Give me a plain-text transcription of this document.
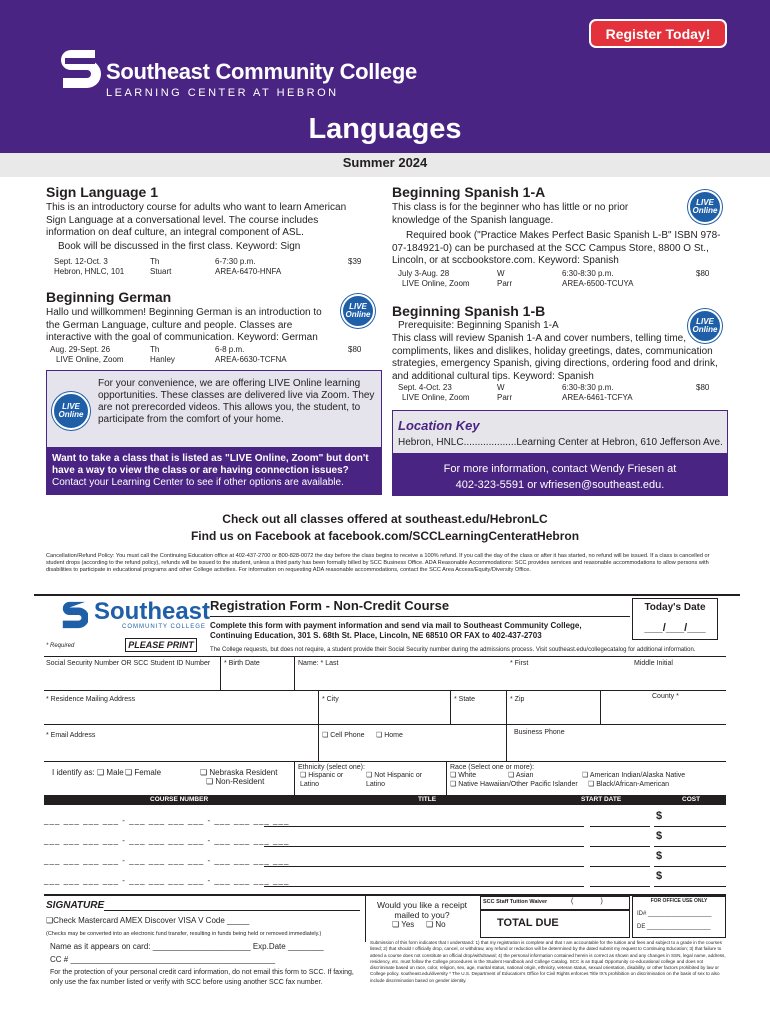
Register Today!
Southeast Community College
LEARNING CENTER AT HEBRON
Languages
Summer 2024
Sign Language 1
This is an introductory course for adults who want to learn American Sign Language at a conversational level. The course includes information on deaf culture, an integral component of ASL.
Book will be discussed in the first class. Keyword: Sign
Sept. 12-Oct. 3	Th	6-7:30 p.m.	$39
Hebron, HNLC, 101	Stuart	AREA-6470-HNFA
Beginning German
LIVE
Online
Hallo und willkommen! Beginning German is an introduction to the German Language, culture and people. Classes are interactive with the goal of communication. Keyword: German
Aug. 29-Sept. 26	Th	6-8 p.m.	$80
LIVE Online, Zoom	Hanley	AREA-6630-TCFNA
LIVE
Online
For your convenience, we are offering LIVE Online learning opportunities. These classes are delivered live via Zoom. They are not prerecorded videos. This allows you, the student, to participate from the comfort of your home.
Want to take a class that is listed as "LIVE Online, Zoom" but don't have a way to view the class or are having connection issues?
Contact your Learning Center to see if other options are available.
Beginning Spanish 1-A
LIVE
Online
This class is for the beginner who has little or no prior knowledge of the Spanish language.
Required book ("Practice Makes Perfect Basic Spanish L-B" ISBN 978-07-184921-0) can be purchased at the SCC Campus Store, 8800 O St., Lincoln, or at sccbookstore.com. Keyword: Spanish
July 3-Aug. 28	W	6:30-8:30 p.m.	$80
LIVE Online, Zoom	Parr	AREA-6500-TCUYA
Beginning Spanish 1-B
LIVE
Online
Prerequisite: Beginning Spanish 1-A
This class will review Spanish 1-A and cover numbers, telling time, compliments, likes and dislikes, holiday greetings, dates, communication strategies, emergency Spanish, giving directions, ordering food and drink, and additional cultural tips. Keyword: Spanish
Sept. 4-Oct. 23	W	6:30-8:30 p.m.	$80
LIVE Online, Zoom	Parr	AREA-6461-TCFYA
Location Key
Hebron, HNLC...................Learning Center at Hebron, 610 Jefferson Ave.
For more information, contact Wendy Friesen at
402-323-5591 or wfriesen@southeast.edu.
Check out all classes offered at southeast.edu/HebronLC
Find us on Facebook at facebook.com/SCCLearningCenteratHebron
Cancellation/Refund Policy: You must call the Continuing Education office at 402-437-2700 or 800-828-0072 the day before the class begins to receive a 100% refund. If you call the day of the class or after it has started, no refund will be issued. If a class is cancelled or student drops (according to the refund policy), refunds will be issued to the student, unless a third party has been formally billed by SCC Business Office. ADA Reasonable Accommodations: SCC provides services and reasonable accommodations to allow persons with disabilities to participate in educational programs and other College activities. For information on requesting ADA reasonable accommodations, contact the SCC Area Access/Equity/Diversity Office.
Southeast
COMMUNITY COLLEGE
Registration Form - Non-Credit Course
Complete this form with payment information and send via mail to Southeast Community College, Continuing Education, 301 S. 68th St. Place, Lincoln, NE 68510 OR FAX to 402-437-2703
Today's Date
___/___/___
* Required	PLEASE PRINT	The College requests, but does not require, a student provide their Social Security number during the admissions process. Visit southeast.edu/collegecatalog for additional information.
Social Security Number OR SCC Student ID Number * Birth Date	Name: * Last	* First	Middle Initial
* Residence Mailing Address	* City	* State	* Zip	County *
* Email Address	❏ Cell Phone ❏ Home	Business Phone
I identify as: ❏ Male ❏ Female	❏ Nebraska Resident
❏ Non-Resident
Ethnicity (select one):
❏ Hispanic or Latino
❏ Not Hispanic or Latino
Race (Select one or more):
❏ White	❏ Asian	❏ American Indian/Alaska Native
❏ Native Hawaiian/Other Pacific Islander ❏ Black/African-American
COURSE NUMBER	TITLE	START DATE	COST
___ ___ ___ ___ - ___ ___ ___ ___ - ___ ___ ___ ___	$
___ ___ ___ ___ - ___ ___ ___ ___ - ___ ___ ___ ___	$
___ ___ ___ ___ - ___ ___ ___ ___ - ___ ___ ___ ___	$
___ ___ ___ ___ - ___ ___ ___ ___ - ___ ___ ___ ___	$
SIGNATURE
❏Check Mastercard AMEX Discover VISA V Code _____
(Checks may be converted into an electronic fund transfer, resulting in funds being held or removed immediately.)
Name as it appears on card: ______________________ Exp.Date ________
CC # ______________________________________________
For the protection of your personal credit card information, do not email this form to SCC. If faxing, only use the fax number listed or verify with SCC before using another SCC fax number.
Would you like a receipt mailed to you?
❏ Yes ❏ No
SCC Staff Tuition Waiver	(              )
TOTAL DUE
FOR OFFICE USE ONLY
ID# ___________________
DE ___________________
Submission of this form indicates that I understand: 1) that my registration is complete and that I am accountable for the tuition and fees and subject to a grade in the courses listed; 2) that should I officially drop, cancel, or withdraw, any refund or reduction will be determined by the dated submit my request to Continuing Education; 3) that failure to attend a course does not constitute an official drop/withdrawal; 4) the personal information contained herein is correct as shown and any changes in SSN, legal name, address, residency, etc. must follow the College procedures in the Student Handbook and College Catalog. SCC is an Equal Opportunity co-educational college and does not discriminate based on race, color, religion, sex, age, marital status, national origin, ethnicity, veteran status, sexual orientation, disability, or other factors prohibited by law or College policy. southeast.edu/diversity * The U.S. Department of Education's Office for Civil Rights enforces Title IX's prohibition on discrimination on the basis of sex to also include discrimination based on gender identity.
